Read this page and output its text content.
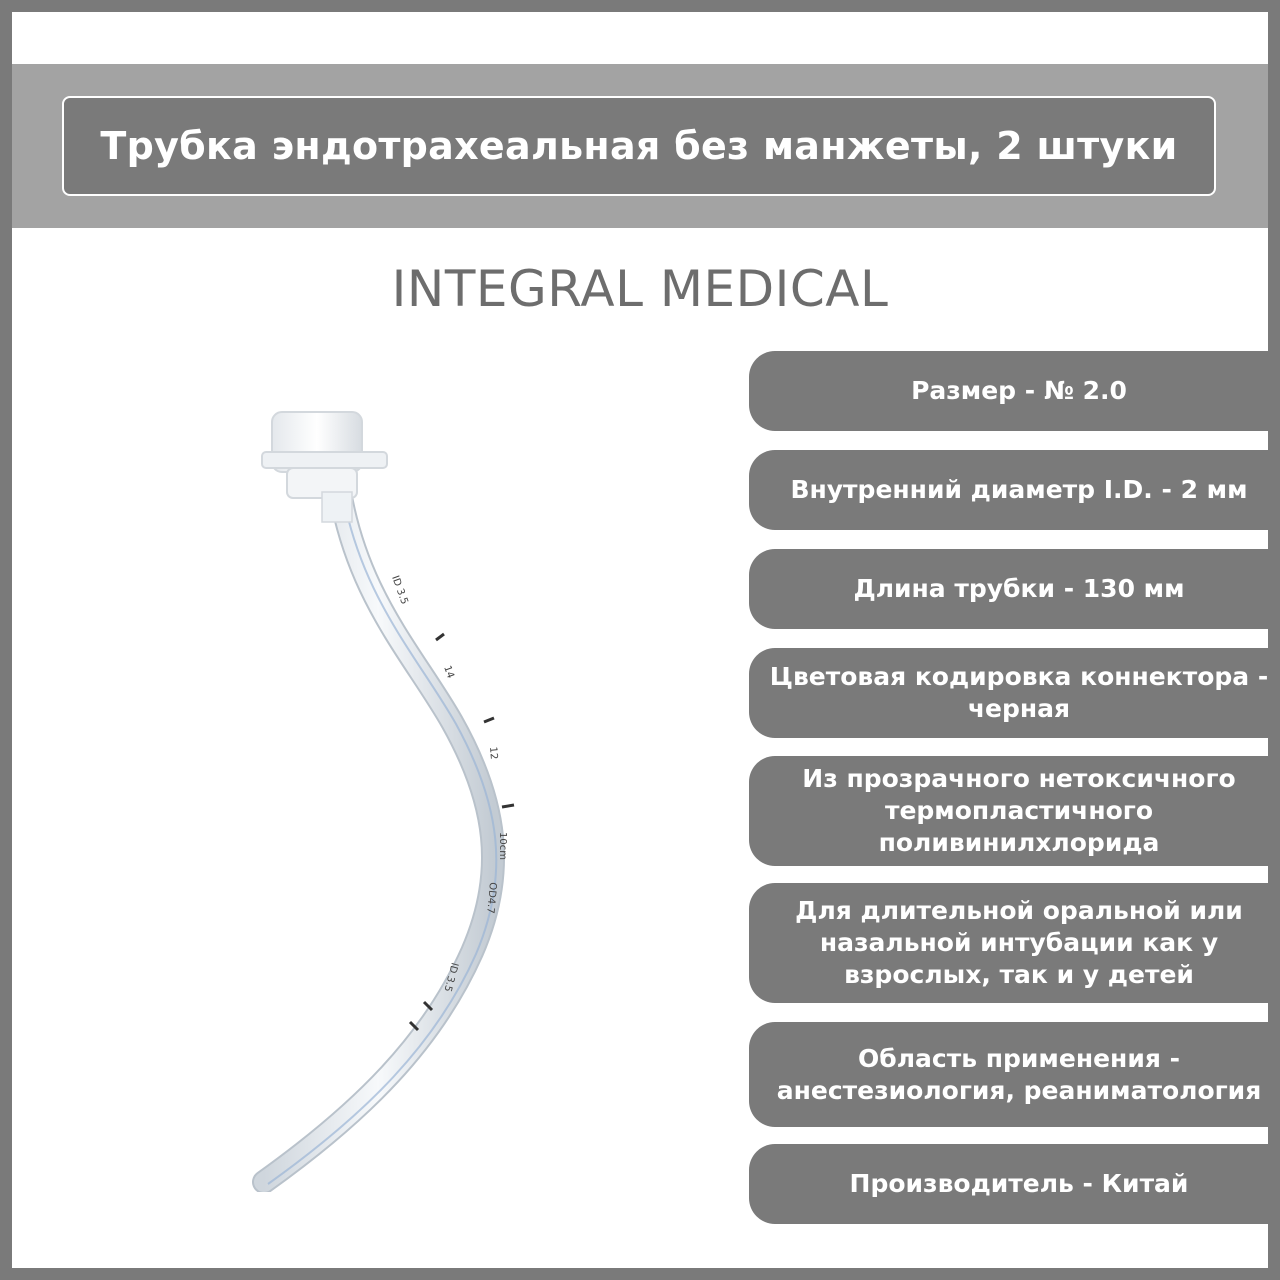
Трубка эндотрахеальная без манжеты, 2 штуки
INTEGRAL MEDICAL
ID 3.5
14
12
10cm
OD4.7
ID 3.5
Размер - № 2.0
Внутренний диаметр I.D. - 2 мм
Длина трубки - 130 мм
Цветовая кодировка коннектора - черная
Из прозрачного нетоксичного термопластичного поливинилхлорида
Для длительной оральной или назальной интубации как у взрослых, так и у детей
Область применения - анестезиология, реаниматология
Производитель - Китай
